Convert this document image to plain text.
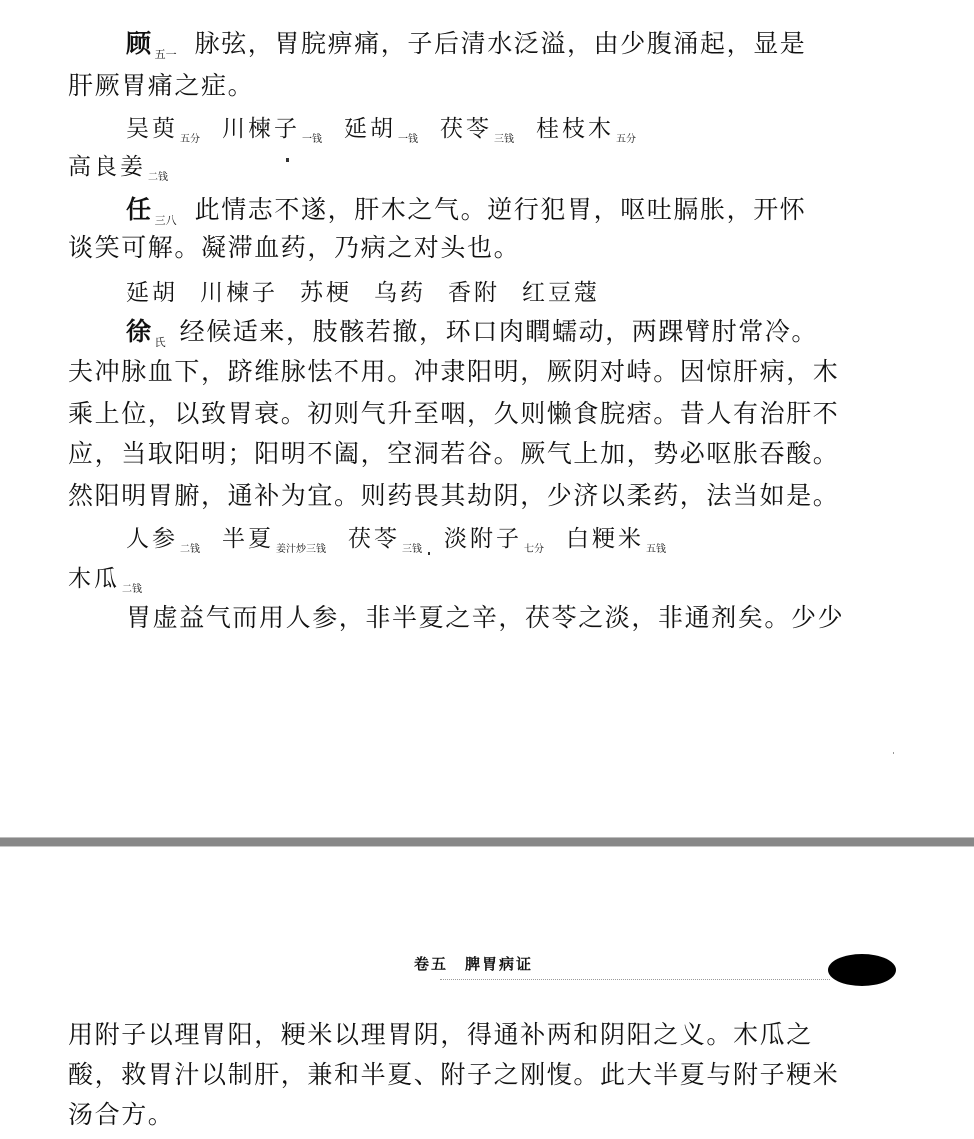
顾 $_{五一}$ 脉弦，胃脘痹痛，子后清水泛溢，由少腹涌起，显是
肝厥胃痛之症。
吴萸 $_{五分}$ 川楝子 $_{一钱}$ 延胡 $_{一钱}$ 茯苓 $_{三钱}$ 桂枝木 $_{五分}$
高良姜 $_{二钱}$
任 $_{三八}$ 此情志不遂，肝木之气。逆行犯胃，呕吐膈胀，开怀
谈笑可解。凝滞血药，乃病之对头也。
延胡 川楝子 苏梗 乌药 香附 红豆蔻
徐 $_氏$ 经候适来，肢骸若撤，环口肉瞤蠕动，两踝臂肘常冷。
夫冲脉血下，跻维脉怯不用。冲隶阳明，厥阴对峙。因惊肝病，木
乘上位，以致胃衰。初则气升至咽，久则懒食脘痞。昔人有治肝不
应，当取阳明；阳明不阖，空洞若谷。厥气上加，势必呕胀吞酸。
然阳明胃腑，通补为宜。则药畏其劫阴，少济以柔药，法当如是。
人参 $_{二钱}$ 半夏 $_{姜汁炒三钱}$ 茯苓 $_{三钱}$ 淡附子 $_{七分}$ 白粳米 $_{五钱}$
木瓜 $_{二钱}$
胃虚益气而用人参，非半夏之辛，茯苓之淡，非通剂矣。少少
卷五　脾胃病证
用附子以理胃阳，粳米以理胃阴，得通补两和阴阳之义。木瓜之
酸，救胃汁以制肝，兼和半夏、附子之刚愎。此大半夏与附子粳米
汤合方。
